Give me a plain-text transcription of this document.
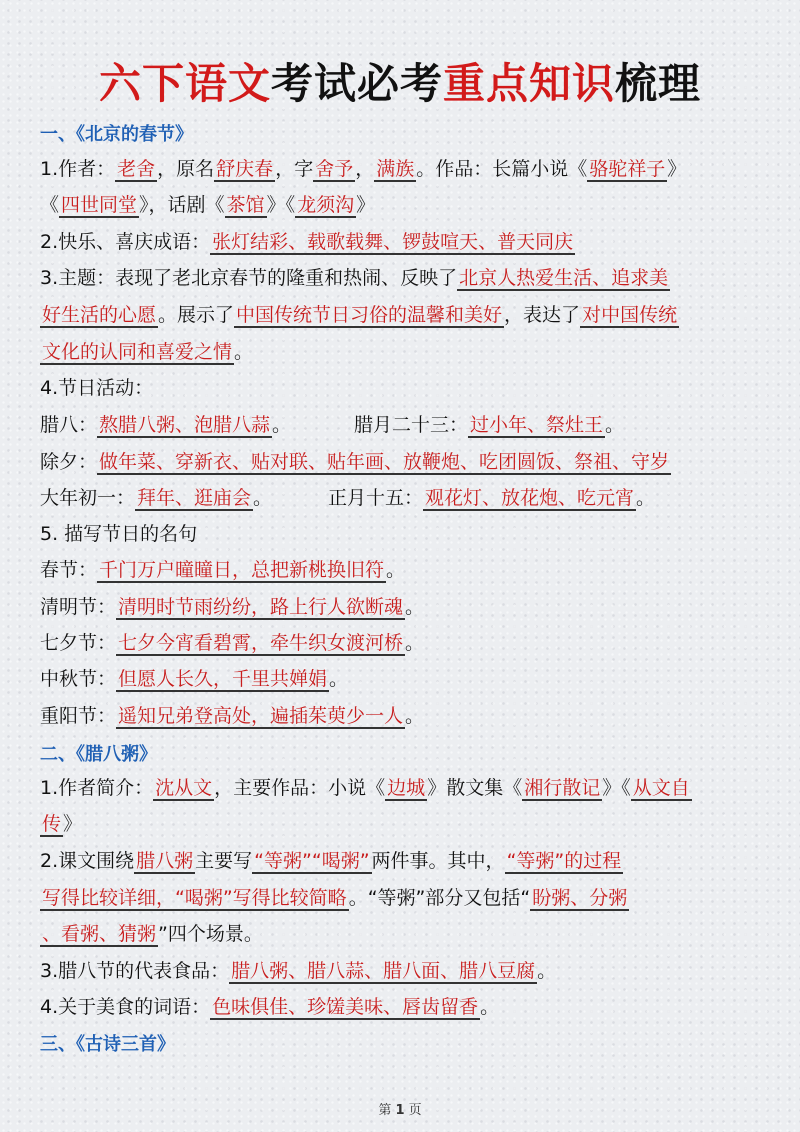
六下语文考试必考重点知识梳理
一、《北京的春节》
1.作者： 老舍 ，原名 舒庆春 ，字 舍予 ， 满族 。作品：长篇小说《 骆驼祥子 》
《 四世同堂 》，话剧《 茶馆 》《 龙须沟 》
2.快乐、喜庆成语： 张灯结彩、载歌载舞、锣鼓喧天、普天同庆
3.主题：表现了老北京春节的隆重和热闹、反映了 北京人热爱生活、追求美
好生活的心愿 。展示了 中国传统节日习俗的温馨和美好 ，表达了 对中国传统
文化的认同和喜爱之情 。
4.节日活动：
腊八： 熬腊八粥、泡腊八蒜 。	腊月二十三： 过小年、祭灶王 。
除夕： 做年菜、穿新衣、贴对联、贴年画、放鞭炮、吃团圆饭、祭祖、守岁
大年初一： 拜年、逛庙会 。	正月十五： 观花灯、放花炮、吃元宵 。
5. 描写节日的名句
春节： 千门万户曈曈日，总把新桃换旧符 。
清明节： 清明时节雨纷纷，路上行人欲断魂 。
七夕节： 七夕今宵看碧霄，牵牛织女渡河桥 。
中秋节： 但愿人长久，千里共婵娟 。
重阳节： 遥知兄弟登高处，遍插茱萸少一人 。
二、《腊八粥》
1.作者简介： 沈从文 ，主要作品：小说《 边城 》散文集《 湘行散记 》《 从文自
传 》
2.课文围绕 腊八粥 主要写 “等粥”“喝粥” 两件事。其中， “等粥”的过程
写得比较详细，“喝粥”写得比较简略 。“等粥”部分又包括“ 盼粥、分粥
、看粥、猜粥 ”四个场景。
3.腊八节的代表食品： 腊八粥、腊八蒜、腊八面、腊八豆腐 。
4.关于美食的词语： 色味俱佳、珍馐美味、唇齿留香 。
三、《古诗三首》
第 1 页
